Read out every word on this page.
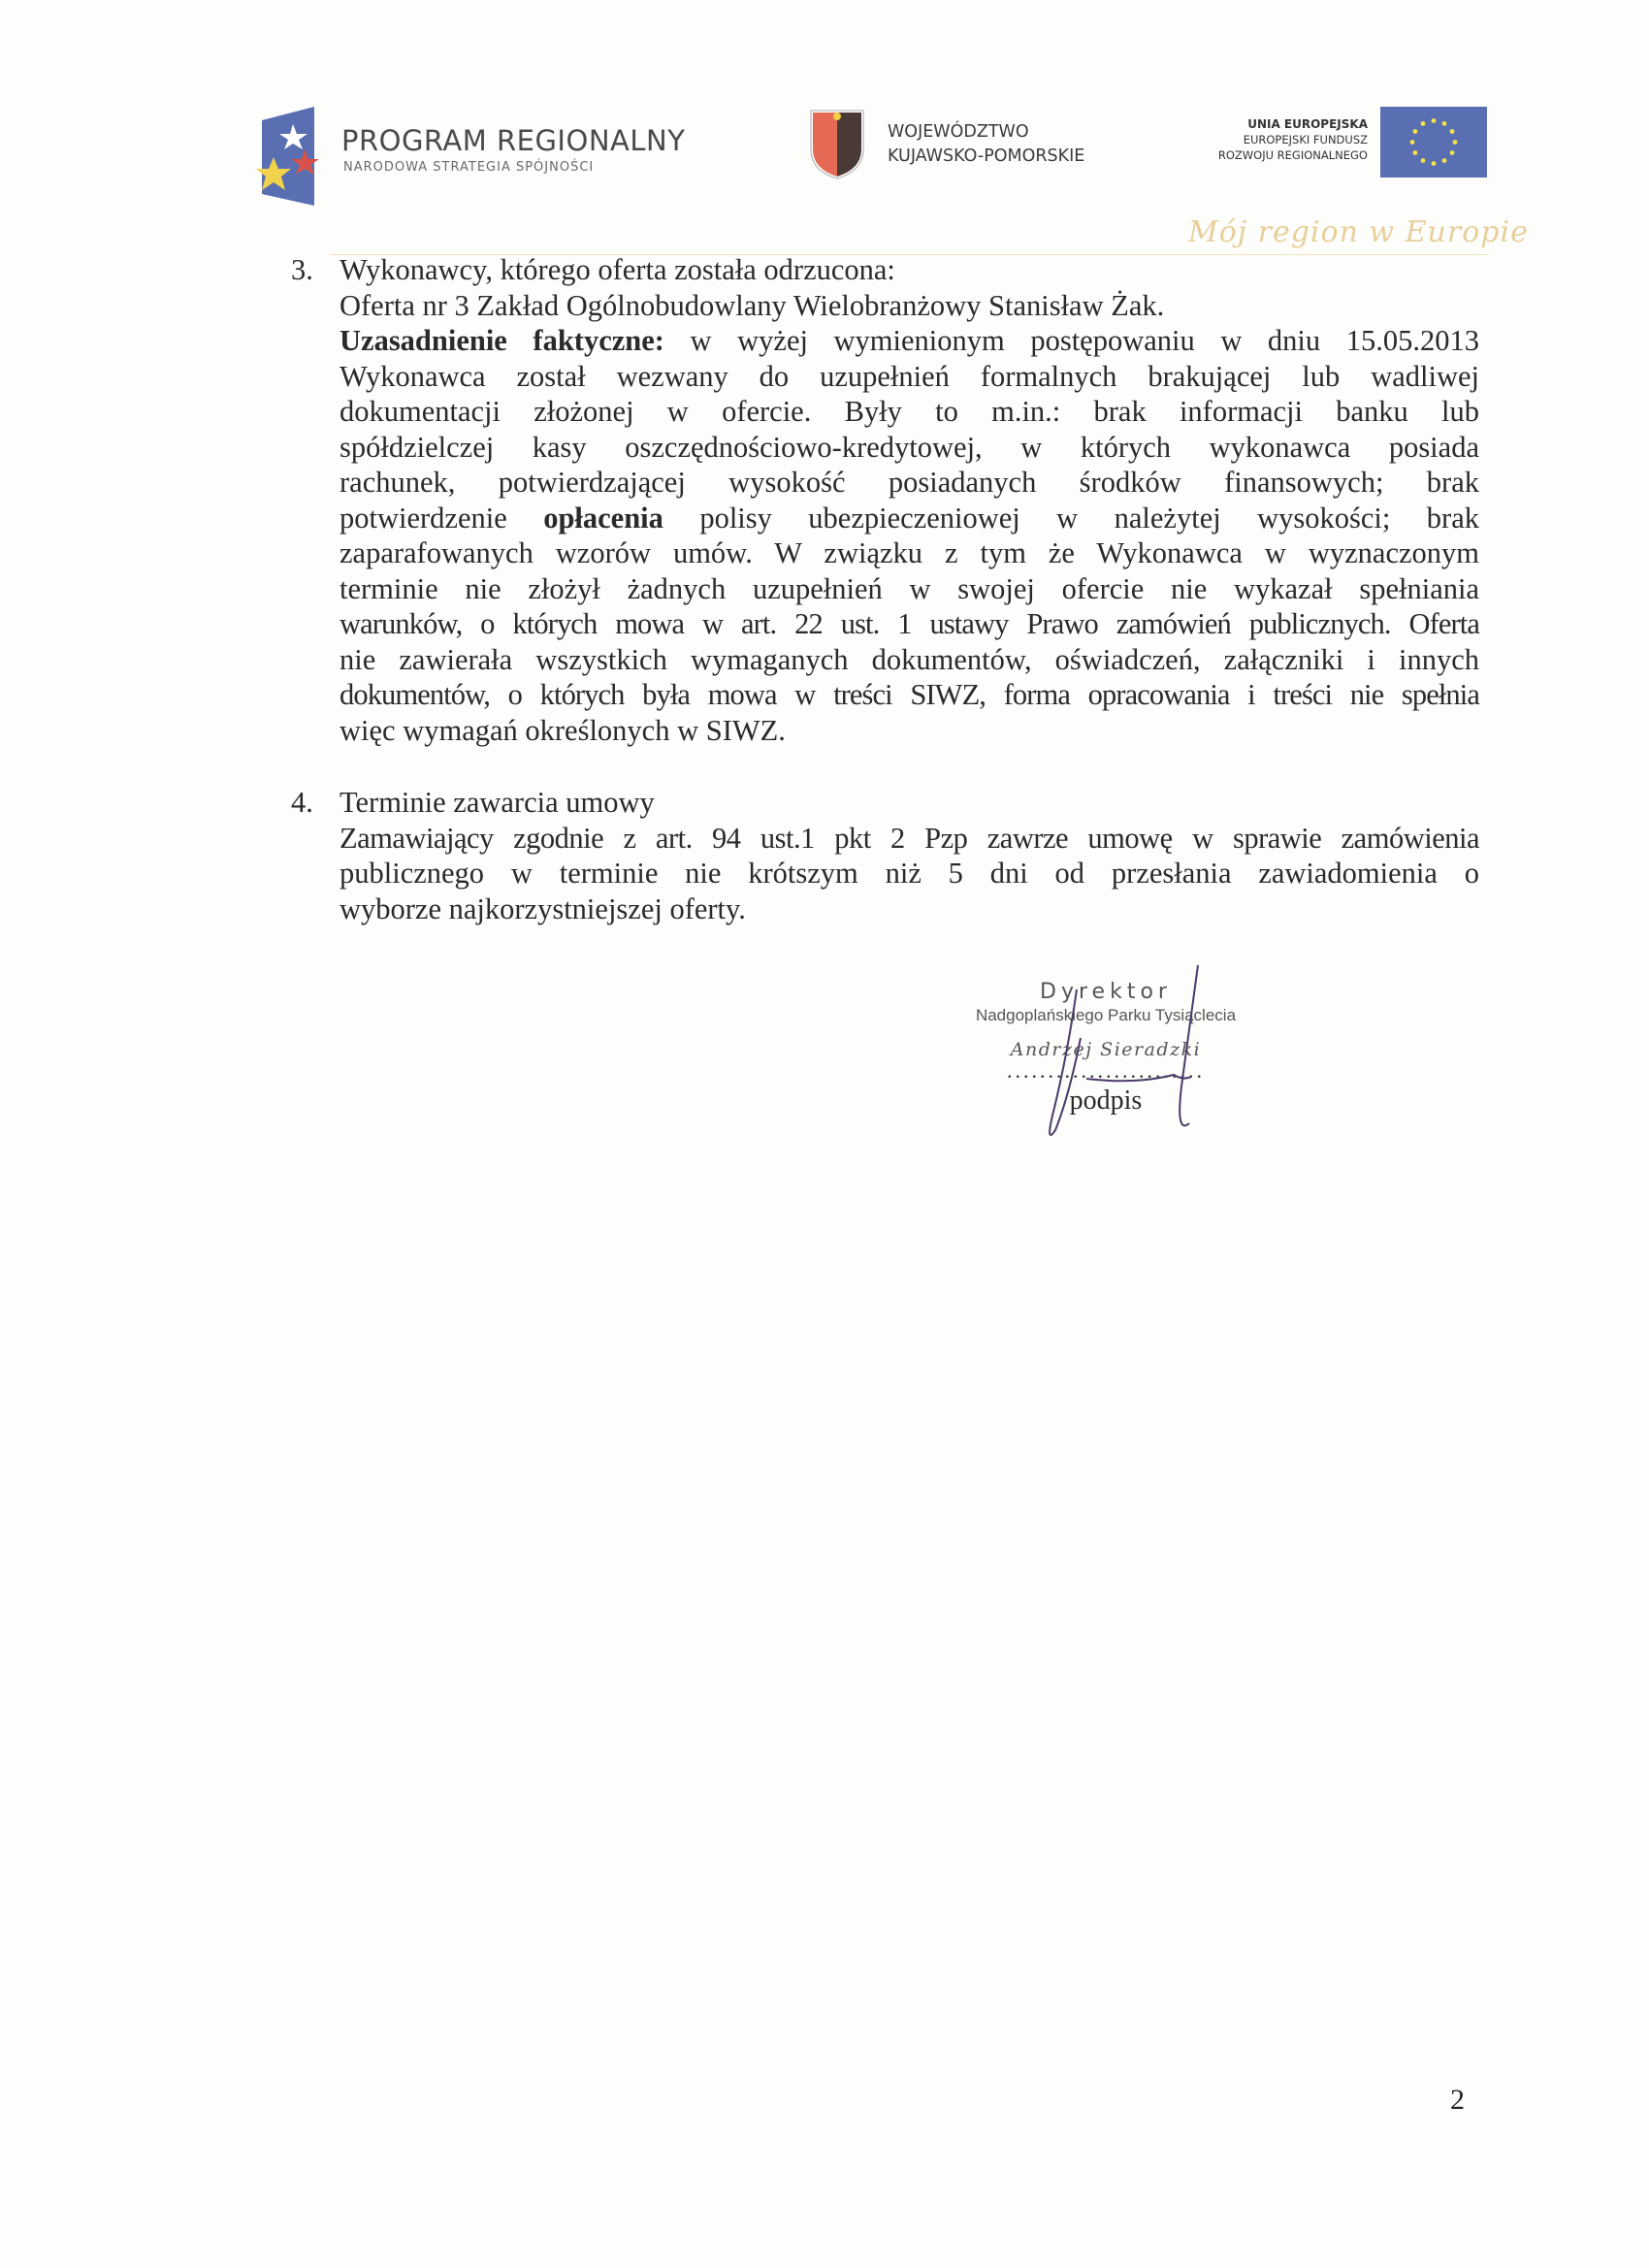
PROGRAM REGIONALNY
NARODOWA STRATEGIA SPÓJNOŚCI
WOJEWÓDZTWO
KUJAWSKO-POMORSKIE
UNIA EUROPEJSKA
EUROPEJSKI FUNDUSZ
ROZWOJU REGIONALNEGO
Mój region w Europie
3. Wykonawcy, którego oferta została odrzucona:
Oferta nr 3 Zakład Ogólnobudowlany Wielobranżowy Stanisław Żak.
Uzasadnienie faktyczne: w wyżej wymienionym postępowaniu w dniu 15.05.2013
Wykonawca został wezwany do uzupełnień formalnych brakującej lub wadliwej
dokumentacji złożonej w ofercie. Były to m.in.: brak informacji banku lub
spółdzielczej kasy oszczędnościowo-kredytowej, w których wykonawca posiada
rachunek, potwierdzającej wysokość posiadanych środków finansowych; brak
potwierdzenie opłacenia polisy ubezpieczeniowej w należytej wysokości; brak
zaparafowanych wzorów umów. W związku z tym że Wykonawca w wyznaczonym
terminie nie złożył żadnych uzupełnień w swojej ofercie nie wykazał spełniania
warunków, o których mowa w art. 22 ust. 1 ustawy Prawo zamówień publicznych. Oferta
nie zawierała wszystkich wymaganych dokumentów, oświadczeń, załączniki i innych
dokumentów, o których była mowa w treści SIWZ, forma opracowania i treści nie spełnia
więc wymagań określonych w SIWZ.
4. Terminie zawarcia umowy
Zamawiający zgodnie z art. 94 ust.1 pkt 2 Pzp zawrze umowę w sprawie zamówienia
publicznego w terminie nie krótszym niż 5 dni od przesłania zawiadomienia o
wyborze najkorzystniejszej oferty.
Dyrektor
Nadgoplańskiego Parku Tysiąclecia
Andrzej Sieradzki
........................
podpis
2
